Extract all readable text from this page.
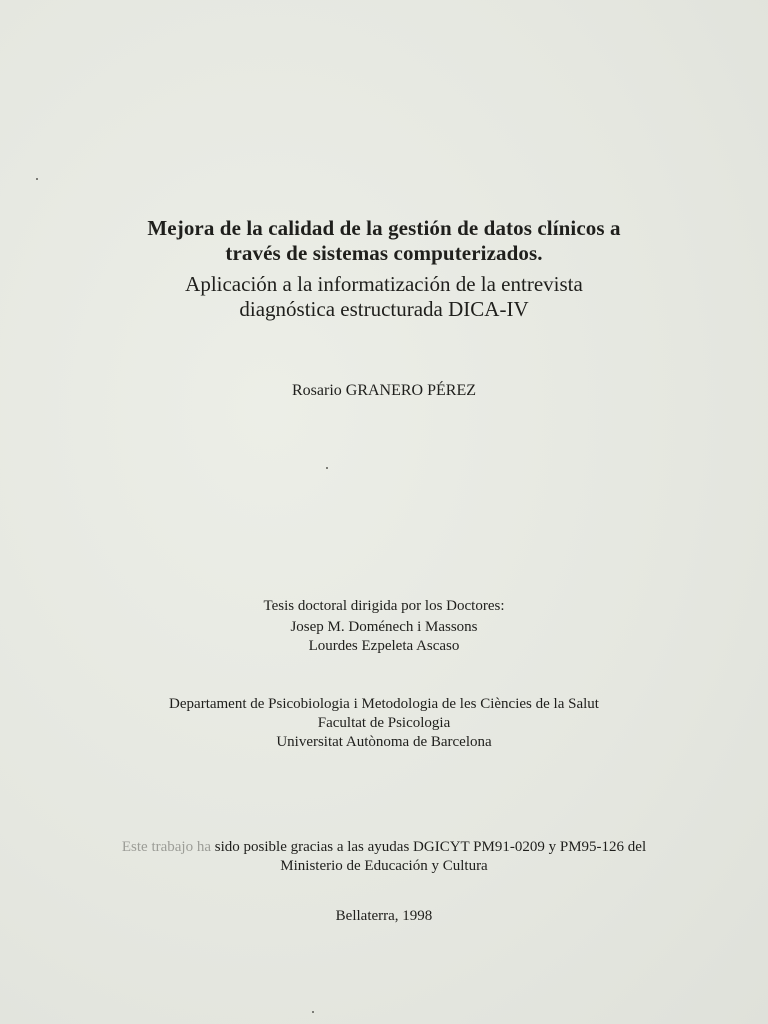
Mejora de la calidad de la gestión de datos clínicos a
través de sistemas computerizados.
Aplicación a la informatización de la entrevista
diagnóstica estructurada DICA-IV
Rosario GRANERO PÉREZ
Tesis doctoral dirigida por los Doctores:
Josep M. Doménech i Massons
Lourdes Ezpeleta Ascaso
Departament de Psicobiologia i Metodologia de les Ciències de la Salut
Facultat de Psicologia
Universitat Autònoma de Barcelona
Este trabajo ha sido posible gracias a las ayudas DGICYT PM91-0209 y PM95-126 del
Ministerio de Educación y Cultura
Bellaterra, 1998
